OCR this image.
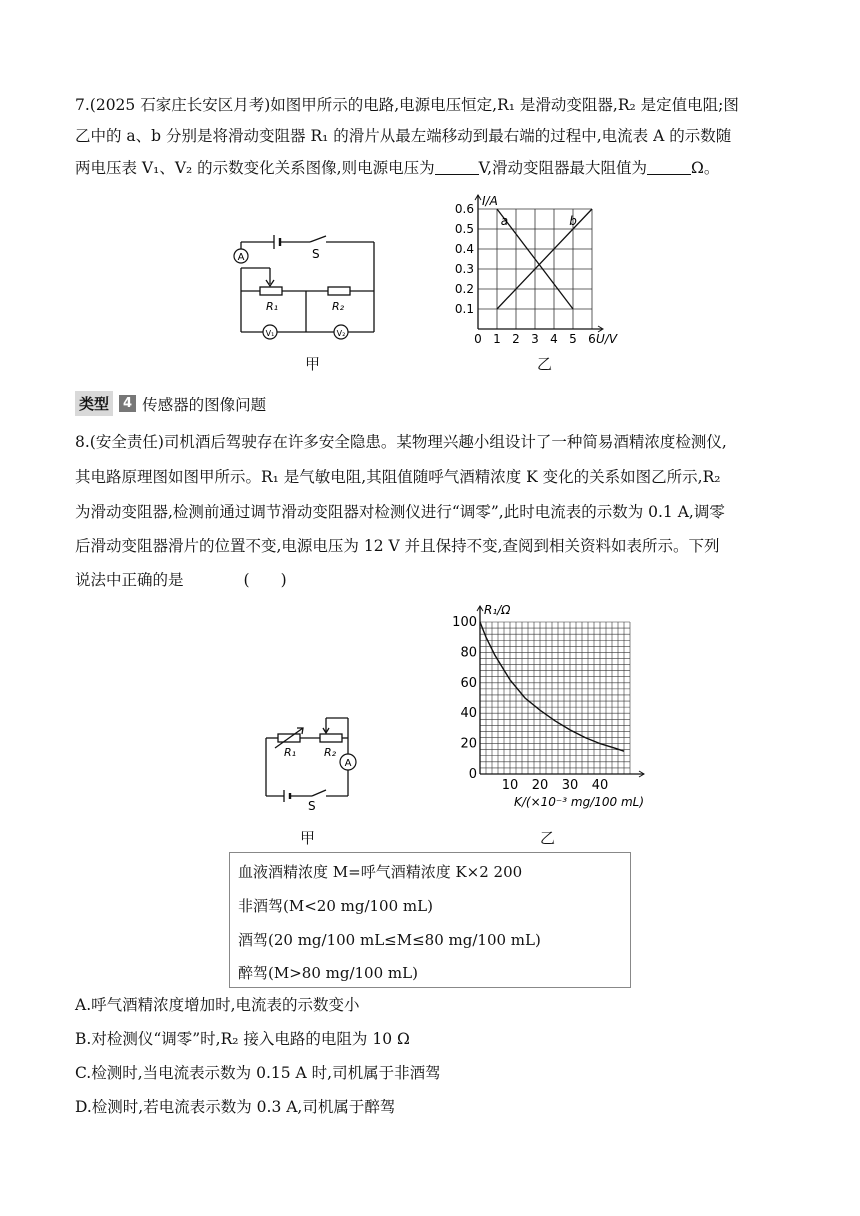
7.(2025 石家庄长安区月考)如图甲所示的电路,电源电压恒定,R₁ 是滑动变阻器,R₂ 是定值电阻;图
乙中的 a、b 分别是将滑动变阻器 R₁ 的滑片从最左端移动到最右端的过程中,电流表 A 的示数随
两电压表 V₁、V₂ 的示数变化关系图像,则电源电压为	V,滑动变阻器最大阻值为	Ω。
A
V₁	V₂
S
R₁	R₂
甲
0 1 2 3 4 5 6
0.1
0.2
0.3
0.4
0.5
0.6
U/V
I/A
a	b
乙
类型	4 传感器的图像问题
8.(安全责任)司机酒后驾驶存在许多安全隐患。某物理兴趣小组设计了一种简易酒精浓度检测仪,
其电路原理图如图甲所示。R₁ 是气敏电阻,其阻值随呼气酒精浓度 K 变化的关系如图乙所示,R₂
为滑动变阻器,检测前通过调节滑动变阻器对检测仪进行“调零”,此时电流表的示数为 0.1 A,调零
后滑动变阻器滑片的位置不变,电源电压为 12 V 并且保持不变,查阅到相关资料如表所示。下列
说法中正确的是	(　　)
A
S
R₁	R₂
甲
10 20 30 40
0
20
40
60
80
100
R₁/Ω
K/(×10⁻³ mg/100 mL)
乙
血液酒精浓度 M=呼气酒精浓度 K×2 200
非酒驾(M<20 mg/100 mL)
酒驾(20 mg/100 mL≤M≤80 mg/100 mL)
醉驾(M>80 mg/100 mL)
A.呼气酒精浓度增加时,电流表的示数变小
B.对检测仪“调零”时,R₂ 接入电路的电阻为 10 Ω
C.检测时,当电流表示数为 0.15 A 时,司机属于非酒驾
D.检测时,若电流表示数为 0.3 A,司机属于醉驾
